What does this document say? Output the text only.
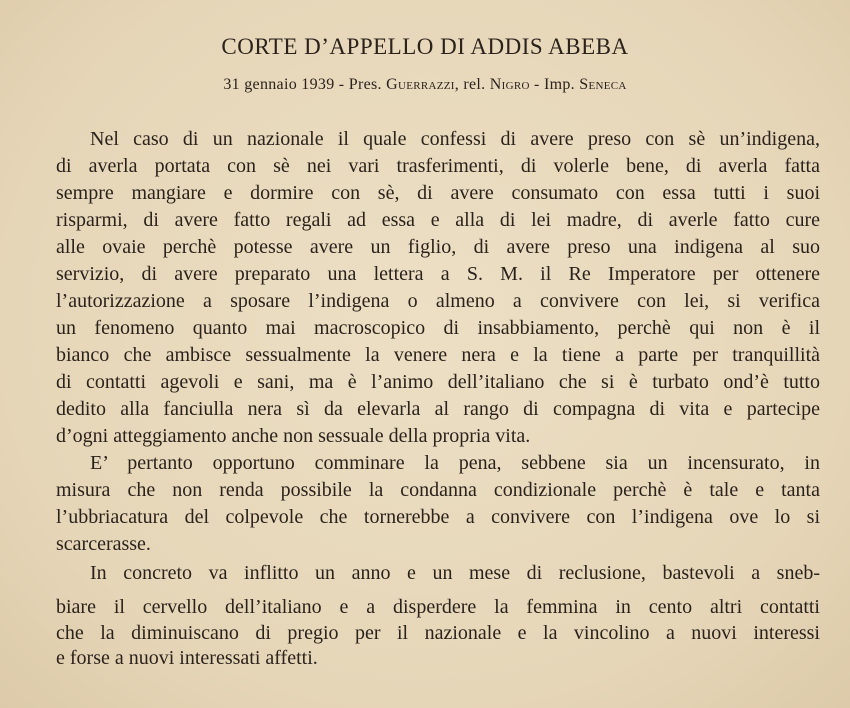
CORTE D’APPELLO DI ADDIS ABEBA
31 gennaio 1939 - Pres. Guerrazzi, rel. Nigro - Imp. Seneca
Nel caso di un nazionale il quale confessi di avere preso con sè un’indigena,
di averla portata con sè nei vari trasferimenti, di volerle bene, di averla fatta
sempre mangiare e dormire con sè, di avere consumato con essa tutti i suoi
risparmi, di avere fatto regali ad essa e alla di lei madre, di averle fatto cure
alle ovaie perchè potesse avere un figlio, di avere preso una indigena al suo
servizio, di avere preparato una lettera a S. M. il Re Imperatore per ottenere
l’autorizzazione a sposare l’indigena o almeno a convivere con lei, si verifica
un fenomeno quanto mai macroscopico di insabbiamento, perchè qui non è il
bianco che ambisce sessualmente la venere nera e la tiene a parte per tranquillità
di contatti agevoli e sani, ma è l’animo dell’italiano che si è turbato ond’è tutto
dedito alla fanciulla nera sì da elevarla al rango di compagna di vita e partecipe
d’ogni atteggiamento anche non sessuale della propria vita.
E’ pertanto opportuno comminare la pena, sebbene sia un incensurato, in
misura che non renda possibile la condanna condizionale perchè è tale e tanta
l’ubbriacatura del colpevole che tornerebbe a convivere con l’indigena ove lo si
scarcerasse.
In concreto va inflitto un anno e un mese di reclusione, bastevoli a sneb-
biare il cervello dell’italiano e a disperdere la femmina in cento altri contatti
che la diminuiscano di pregio per il nazionale e la vincolino a nuovi interessi
e forse a nuovi interessati affetti.
